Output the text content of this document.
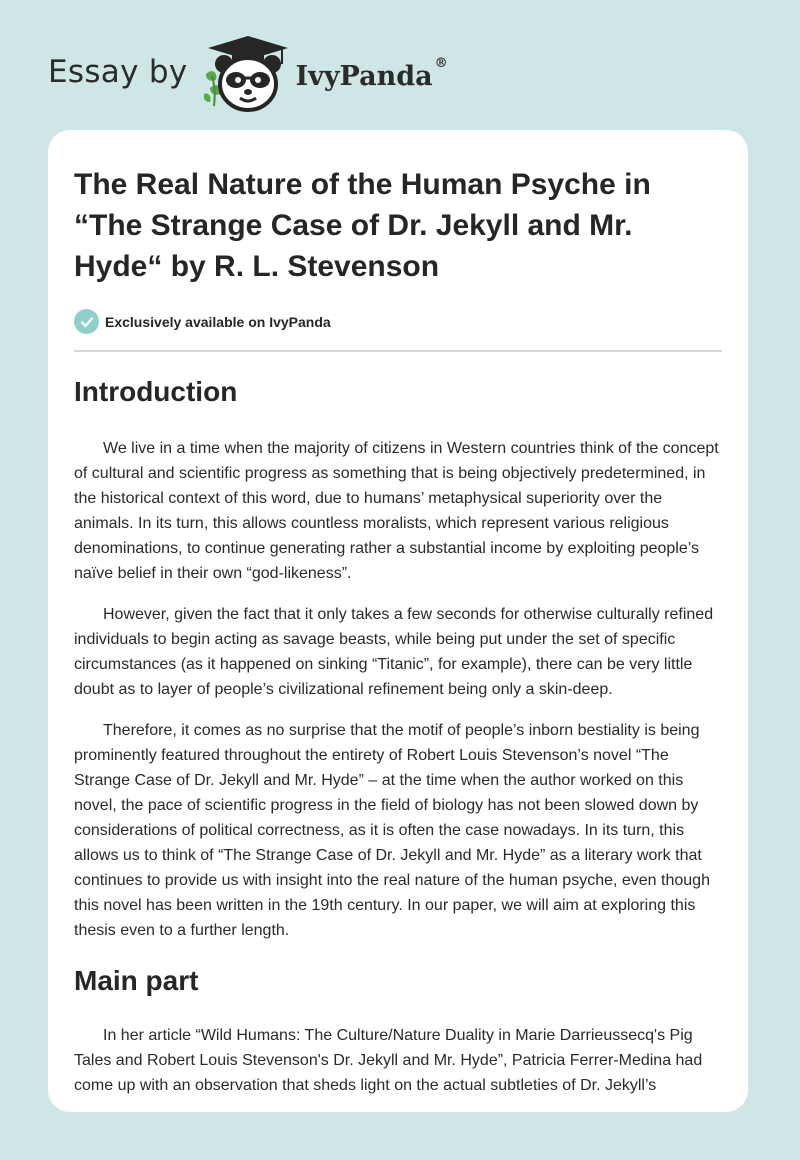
Essay by	IvyPanda ®
The Real Nature of the Human Psyche in “The Strange Case of Dr. Jekyll and Mr. Hyde“ by R. L. Stevenson
Exclusively available on IvyPanda
Introduction

We live in a time when the majority of citizens in Western countries think of the concept of cultural and scientific progress as something that is being objectively predetermined, in the historical context of this word, due to humans’ metaphysical superiority over the animals. In its turn, this allows countless moralists, which represent various religious denominations, to continue generating rather a substantial income by exploiting people’s naïve belief in their own “god-likeness”.

However, given the fact that it only takes a few seconds for otherwise culturally refined individuals to begin acting as savage beasts, while being put under the set of specific circumstances (as it happened on sinking “Titanic”, for example), there can be very little doubt as to layer of people’s civilizational refinement being only a skin-deep.

Therefore, it comes as no surprise that the motif of people’s inborn bestiality is being prominently featured throughout the entirety of Robert Louis Stevenson’s novel “The Strange Case of Dr. Jekyll and Mr. Hyde” – at the time when the author worked on this novel, the pace of scientific progress in the field of biology has not been slowed down by considerations of political correctness, as it is often the case nowadays. In its turn, this allows us to think of “The Strange Case of Dr. Jekyll and Mr. Hyde” as a literary work that continues to provide us with insight into the real nature of the human psyche, even though this novel has been written in the 19th century. In our paper, we will aim at exploring this thesis even to a further length.

Main part

In her article “Wild Humans: The Culture/Nature Duality in Marie Darrieussecq's Pig Tales and Robert Louis Stevenson's Dr. Jekyll and Mr. Hyde”, Patricia Ferrer-Medina had come up with an observation that sheds light on the actual subtleties of Dr. Jekyll’s
